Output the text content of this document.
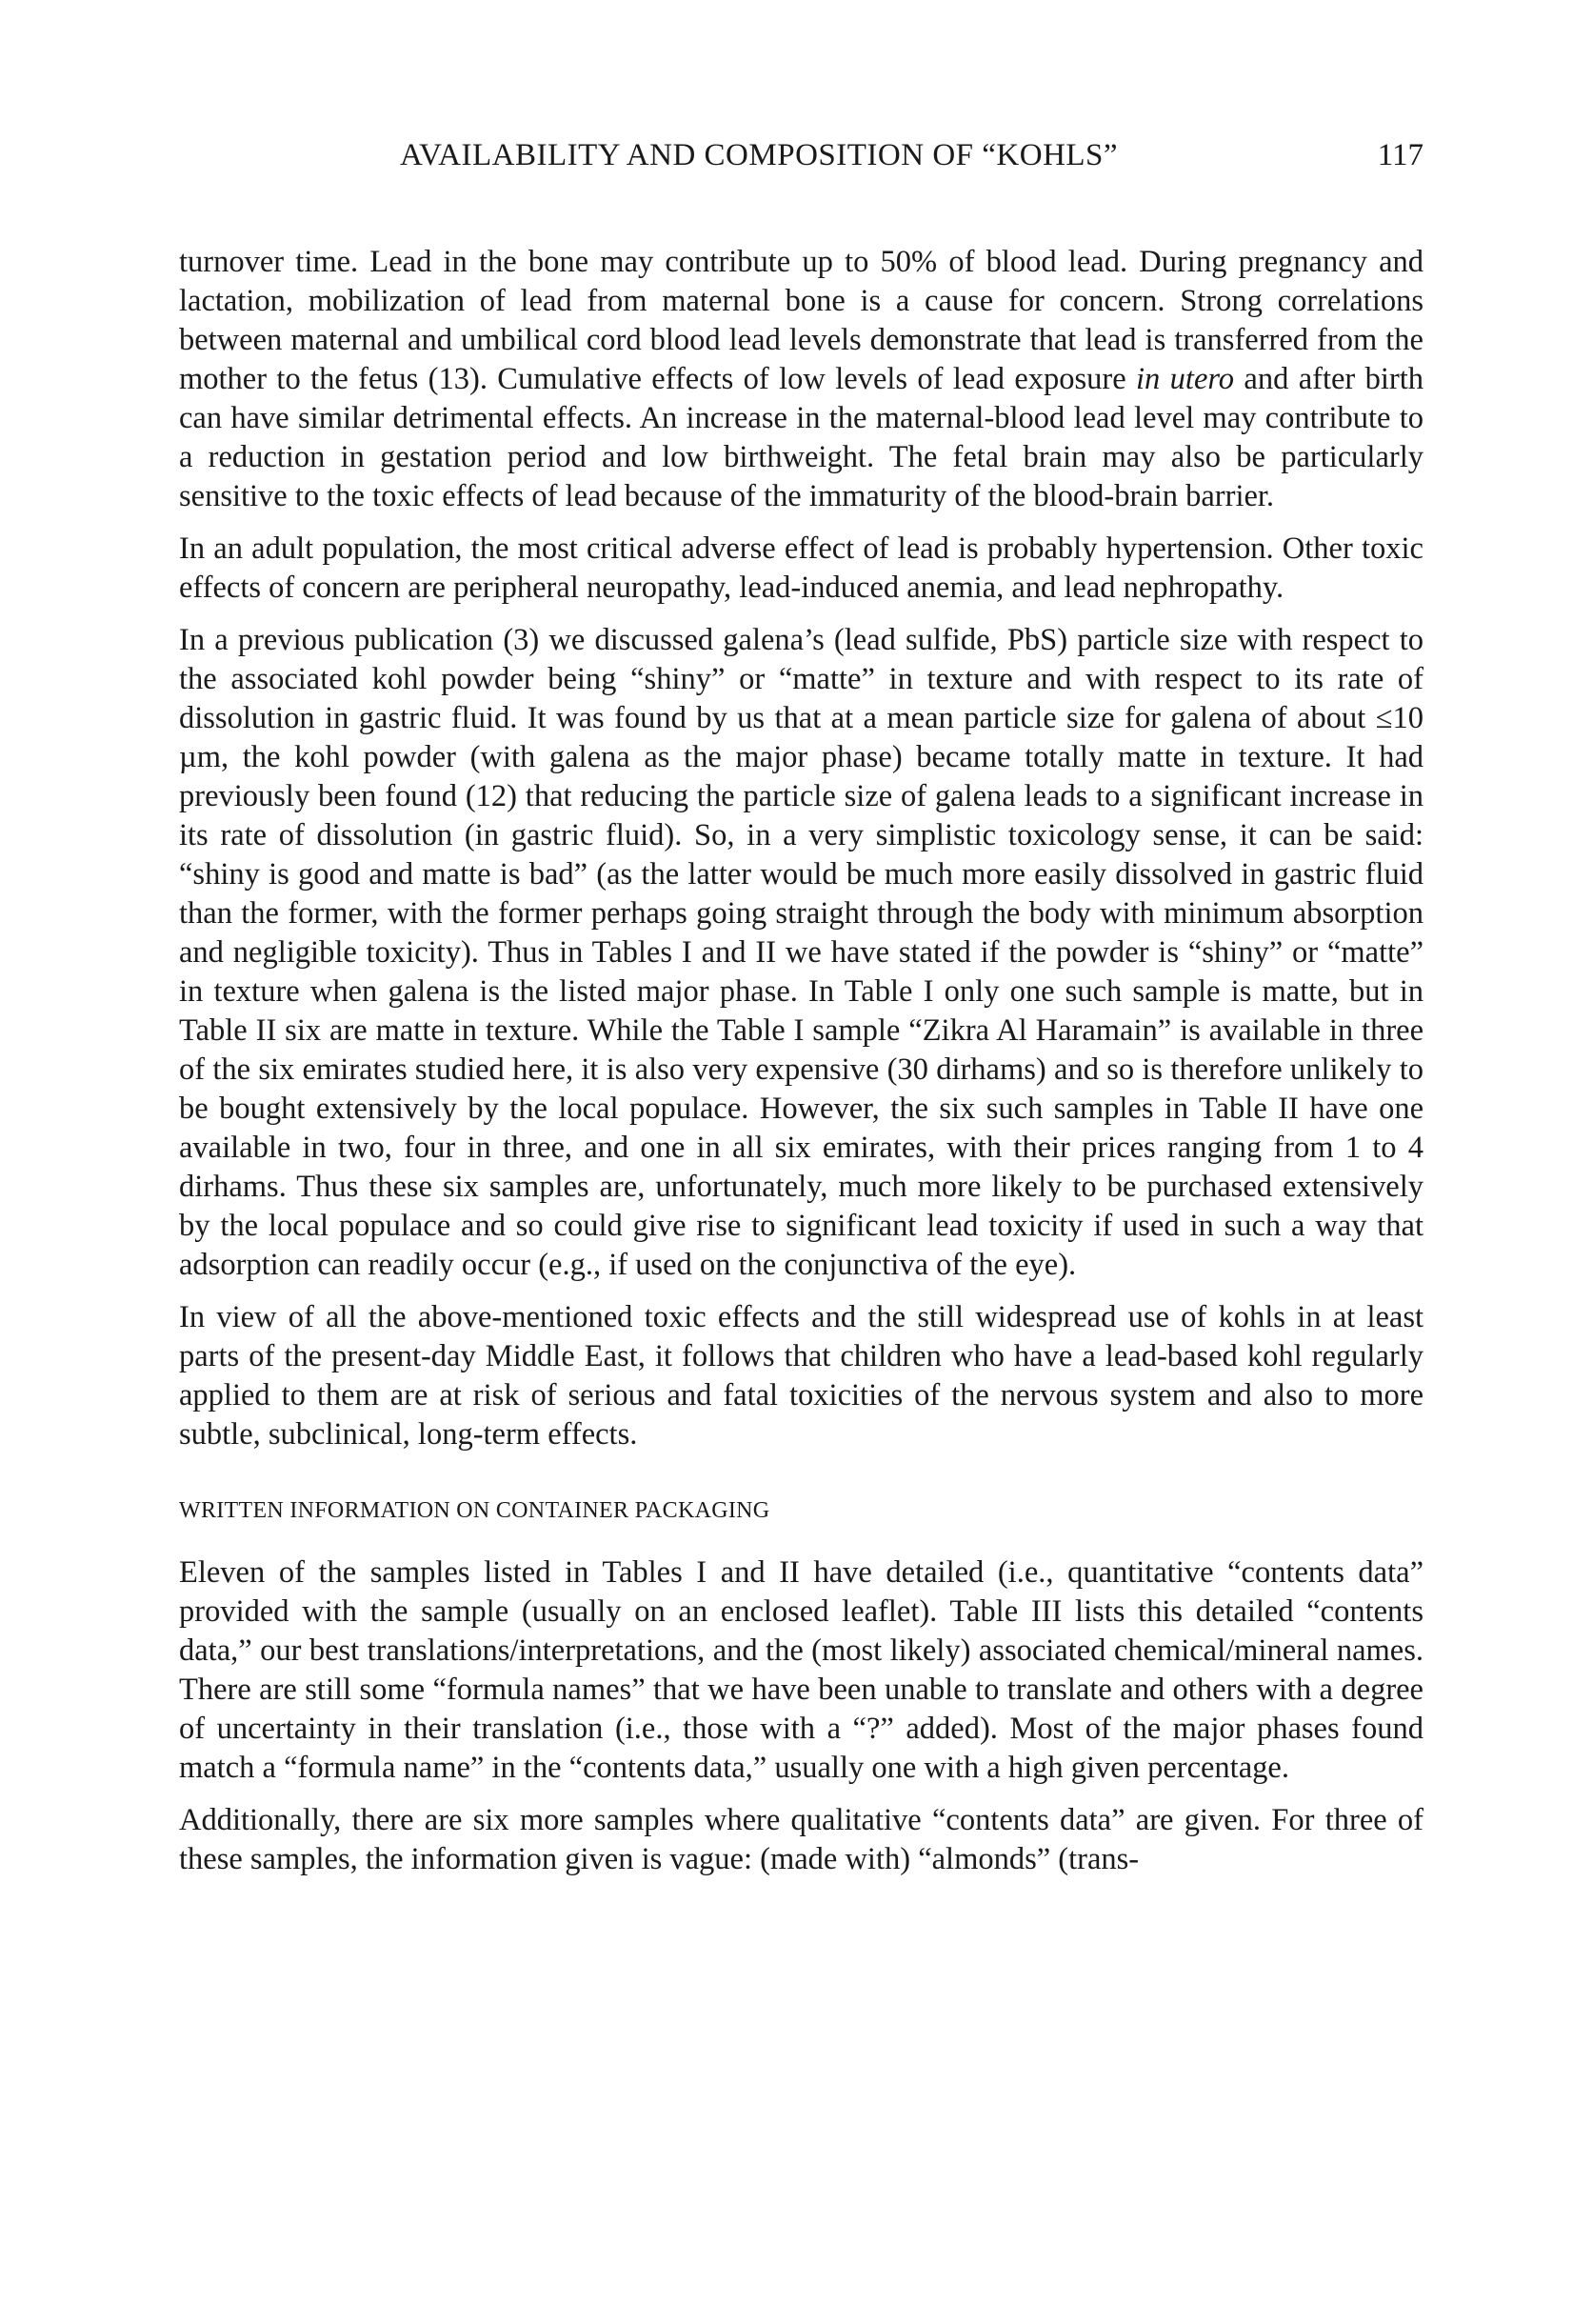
AVAILABILITY AND COMPOSITION OF “KOHLS”	117

turnover time. Lead in the bone may contribute up to 50% of blood lead. During pregnancy and lactation, mobilization of lead from maternal bone is a cause for concern. Strong correlations between maternal and umbilical cord blood lead levels demonstrate that lead is transferred from the mother to the fetus (13). Cumulative effects of low levels of lead exposure in utero and after birth can have similar detrimental effects. An increase in the maternal-blood lead level may contribute to a reduction in gestation period and low birthweight. The fetal brain may also be particularly sensitive to the toxic effects of lead because of the immaturity of the blood-brain barrier.

In an adult population, the most critical adverse effect of lead is probably hypertension. Other toxic effects of concern are peripheral neuropathy, lead-induced anemia, and lead nephropathy.

In a previous publication (3) we discussed galena’s (lead sulfide, PbS) particle size with respect to the associated kohl powder being “shiny” or “matte” in texture and with respect to its rate of dissolution in gastric fluid. It was found by us that at a mean particle size for galena of about ≤10 µm, the kohl powder (with galena as the major phase) became totally matte in texture. It had previously been found (12) that reducing the particle size of galena leads to a significant increase in its rate of dissolution (in gastric fluid). So, in a very simplistic toxicology sense, it can be said: “shiny is good and matte is bad” (as the latter would be much more easily dissolved in gastric fluid than the former, with the former perhaps going straight through the body with minimum absorption and negligible toxicity). Thus in Tables I and II we have stated if the powder is “shiny” or “matte” in texture when galena is the listed major phase. In Table I only one such sample is matte, but in Table II six are matte in texture. While the Table I sample “Zikra Al Haramain” is available in three of the six emirates studied here, it is also very expensive (30 dirhams) and so is therefore unlikely to be bought extensively by the local populace. However, the six such samples in Table II have one available in two, four in three, and one in all six emirates, with their prices ranging from 1 to 4 dirhams. Thus these six samples are, unfortunately, much more likely to be purchased extensively by the local populace and so could give rise to significant lead toxicity if used in such a way that adsorption can readily occur (e.g., if used on the conjunctiva of the eye).

In view of all the above-mentioned toxic effects and the still widespread use of kohls in at least parts of the present-day Middle East, it follows that children who have a lead-based kohl regularly applied to them are at risk of serious and fatal toxicities of the nervous system and also to more subtle, subclinical, long-term effects.

WRITTEN INFORMATION ON CONTAINER PACKAGING

Eleven of the samples listed in Tables I and II have detailed (i.e., quantitative “contents data” provided with the sample (usually on an enclosed leaflet). Table III lists this detailed “contents data,” our best translations/interpretations, and the (most likely) associated chemical/mineral names. There are still some “formula names” that we have been unable to translate and others with a degree of uncertainty in their translation (i.e., those with a “?” added). Most of the major phases found match a “formula name” in the “contents data,” usually one with a high given percentage.

Additionally, there are six more samples where qualitative “contents data” are given. For three of these samples, the information given is vague: (made with) “almonds” (trans-
